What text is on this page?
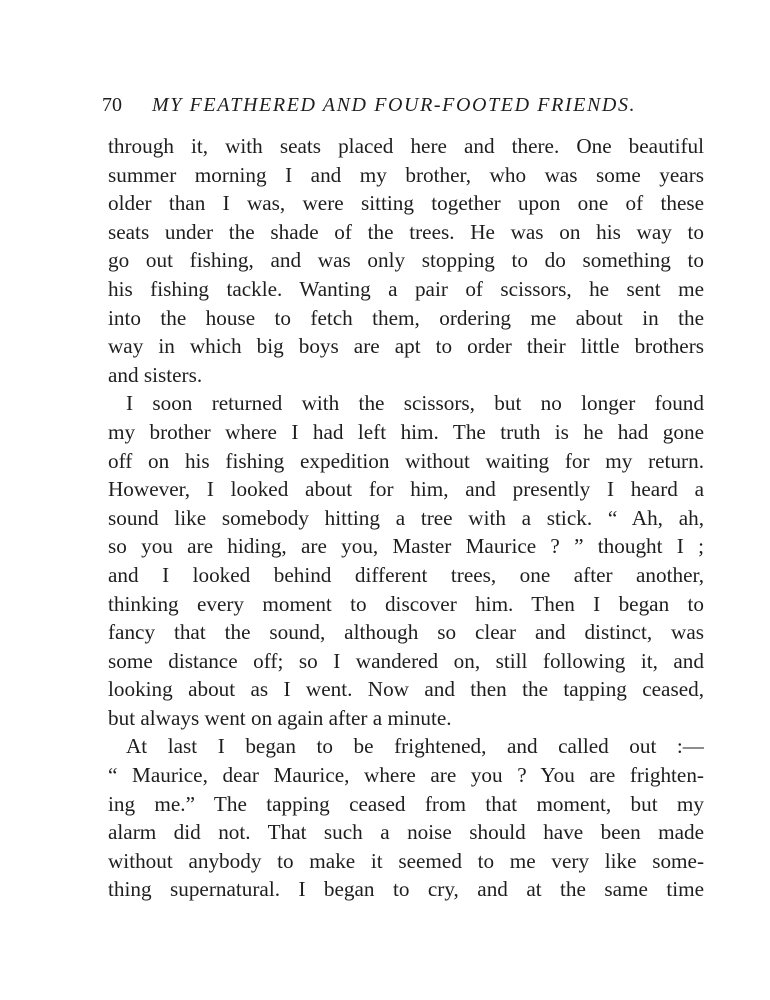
70 MY FEATHERED AND FOUR-FOOTED FRIENDS.
through it, with seats placed here and there. One beautiful
summer morning I and my brother, who was some years
older than I was, were sitting together upon one of these
seats under the shade of the trees. He was on his way to
go out fishing, and was only stopping to do something to
his fishing tackle. Wanting a pair of scissors, he sent me
into the house to fetch them, ordering me about in the
way in which big boys are apt to order their little brothers
and sisters.
I soon returned with the scissors, but no longer found
my brother where I had left him. The truth is he had gone
off on his fishing expedition without waiting for my return.
However, I looked about for him, and presently I heard a
sound like somebody hitting a tree with a stick. “ Ah, ah,
so you are hiding, are you, Master Maurice ? ” thought I ;
and I looked behind different trees, one after another,
thinking every moment to discover him. Then I began to
fancy that the sound, although so clear and distinct, was
some distance off; so I wandered on, still following it, and
looking about as I went. Now and then the tapping ceased,
but always went on again after a minute.
At last I began to be frightened, and called out :—
“ Maurice, dear Maurice, where are you ? You are frighten-
ing me.” The tapping ceased from that moment, but my
alarm did not. That such a noise should have been made
without anybody to make it seemed to me very like some-
thing supernatural. I began to cry, and at the same time
